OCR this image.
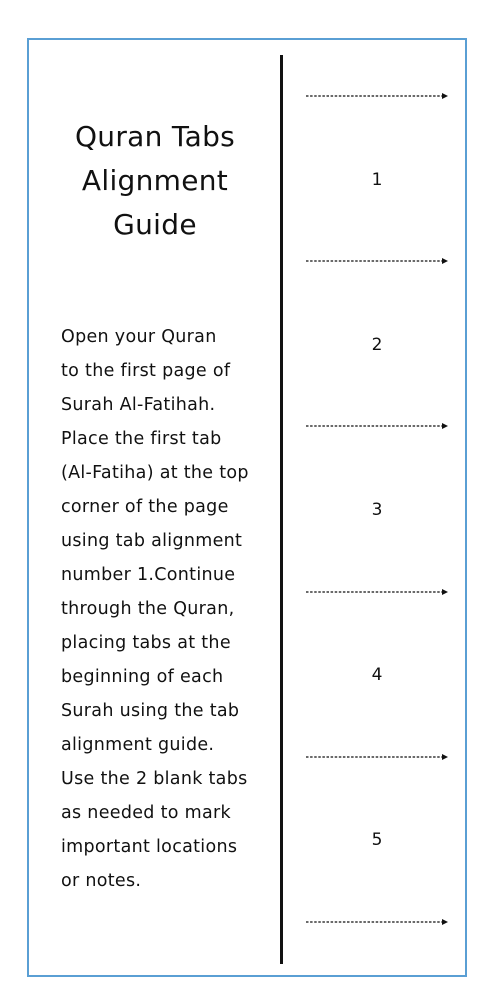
Quran Tabs
Alignment
Guide
Open your Quran
to the first page of
Surah Al-Fatihah.
Place the first tab
(Al-Fatiha) at the top
corner of the page
using tab alignment
number 1.Continue
through the Quran,
placing tabs at the
beginning of each
Surah using the tab
alignment guide.
Use the 2 blank tabs
as needed to mark
important locations
or notes.
1
2
3
4
5
